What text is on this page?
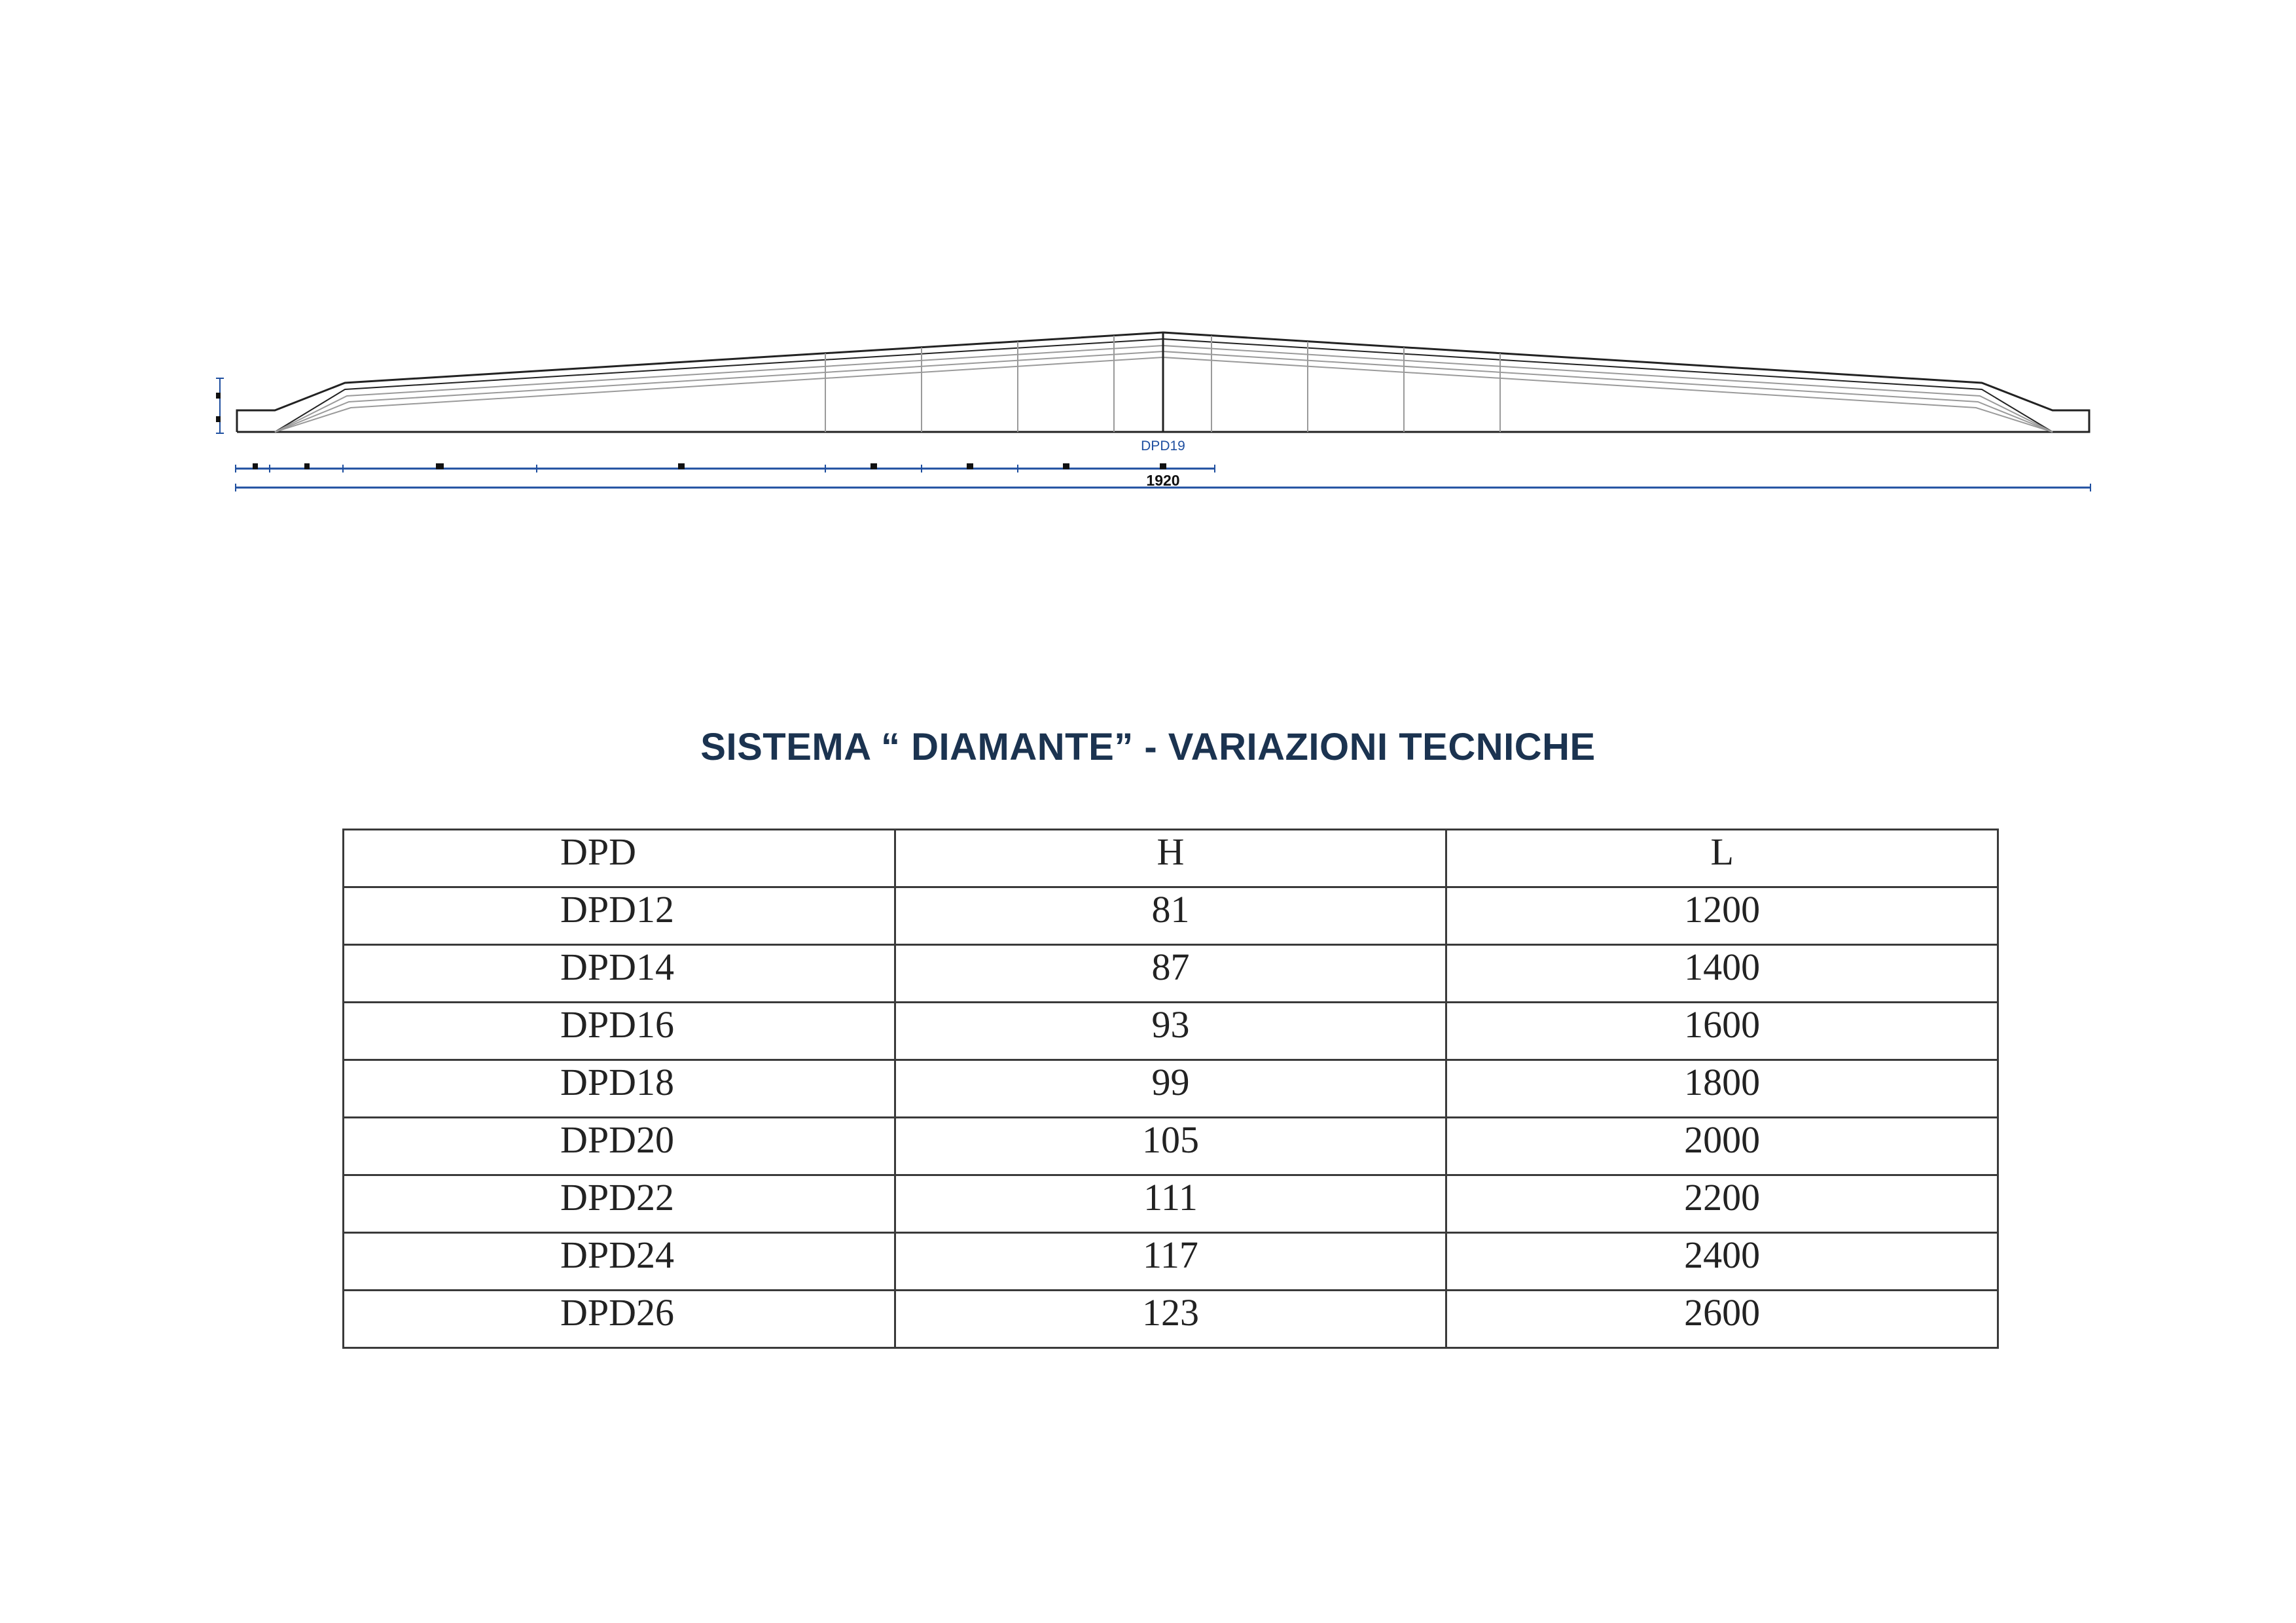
DPD19
1920
SISTEMA “ DIAMANTE” - VARIAZIONI TECNICHE
DPD	H	L
DPD12	81	1200
DPD14	87	1400
DPD16	93	1600
DPD18	99	1800
DPD20	105	2000
DPD22	111	2200
DPD24	117	2400
DPD26	123	2600
